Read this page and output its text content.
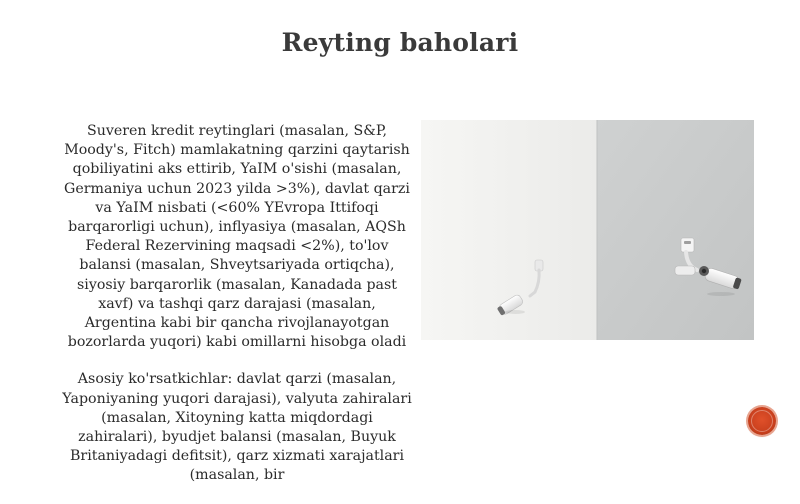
Reyting baholari

Suveren kredit reytinglari (masalan, S&P, Moody's, Fitch) mamlakatning qarzini qaytarish qobiliyatini aks ettirib, YaIM o'sishi (masalan, Germaniya uchun 2023 yilda >3%), davlat qarzi va YaIM nisbati (<60% YEvropa Ittifoqi barqarorligi uchun), inflyasiya (masalan, AQSh Federal Rezervining maqsadi <2%), to'lov balansi (masalan, Shveytsariyada ortiqcha), siyosiy barqarorlik (masalan, Kanadada past xavf) va tashqi qarz darajasi (masalan, Argentina kabi bir qancha rivojlanayotgan bozorlarda yuqori) kabi omillarni hisobga oladi

Asosiy ko'rsatkichlar: davlat qarzi (masalan, Yaponiyaning yuqori darajasi), valyuta zahiralari (masalan, Xitoyning katta miqdordagi zahiralari), byudjet balansi (masalan, Buyuk Britaniyadagi defitsit), qarz xizmati xarajatlari (masalan, bir
